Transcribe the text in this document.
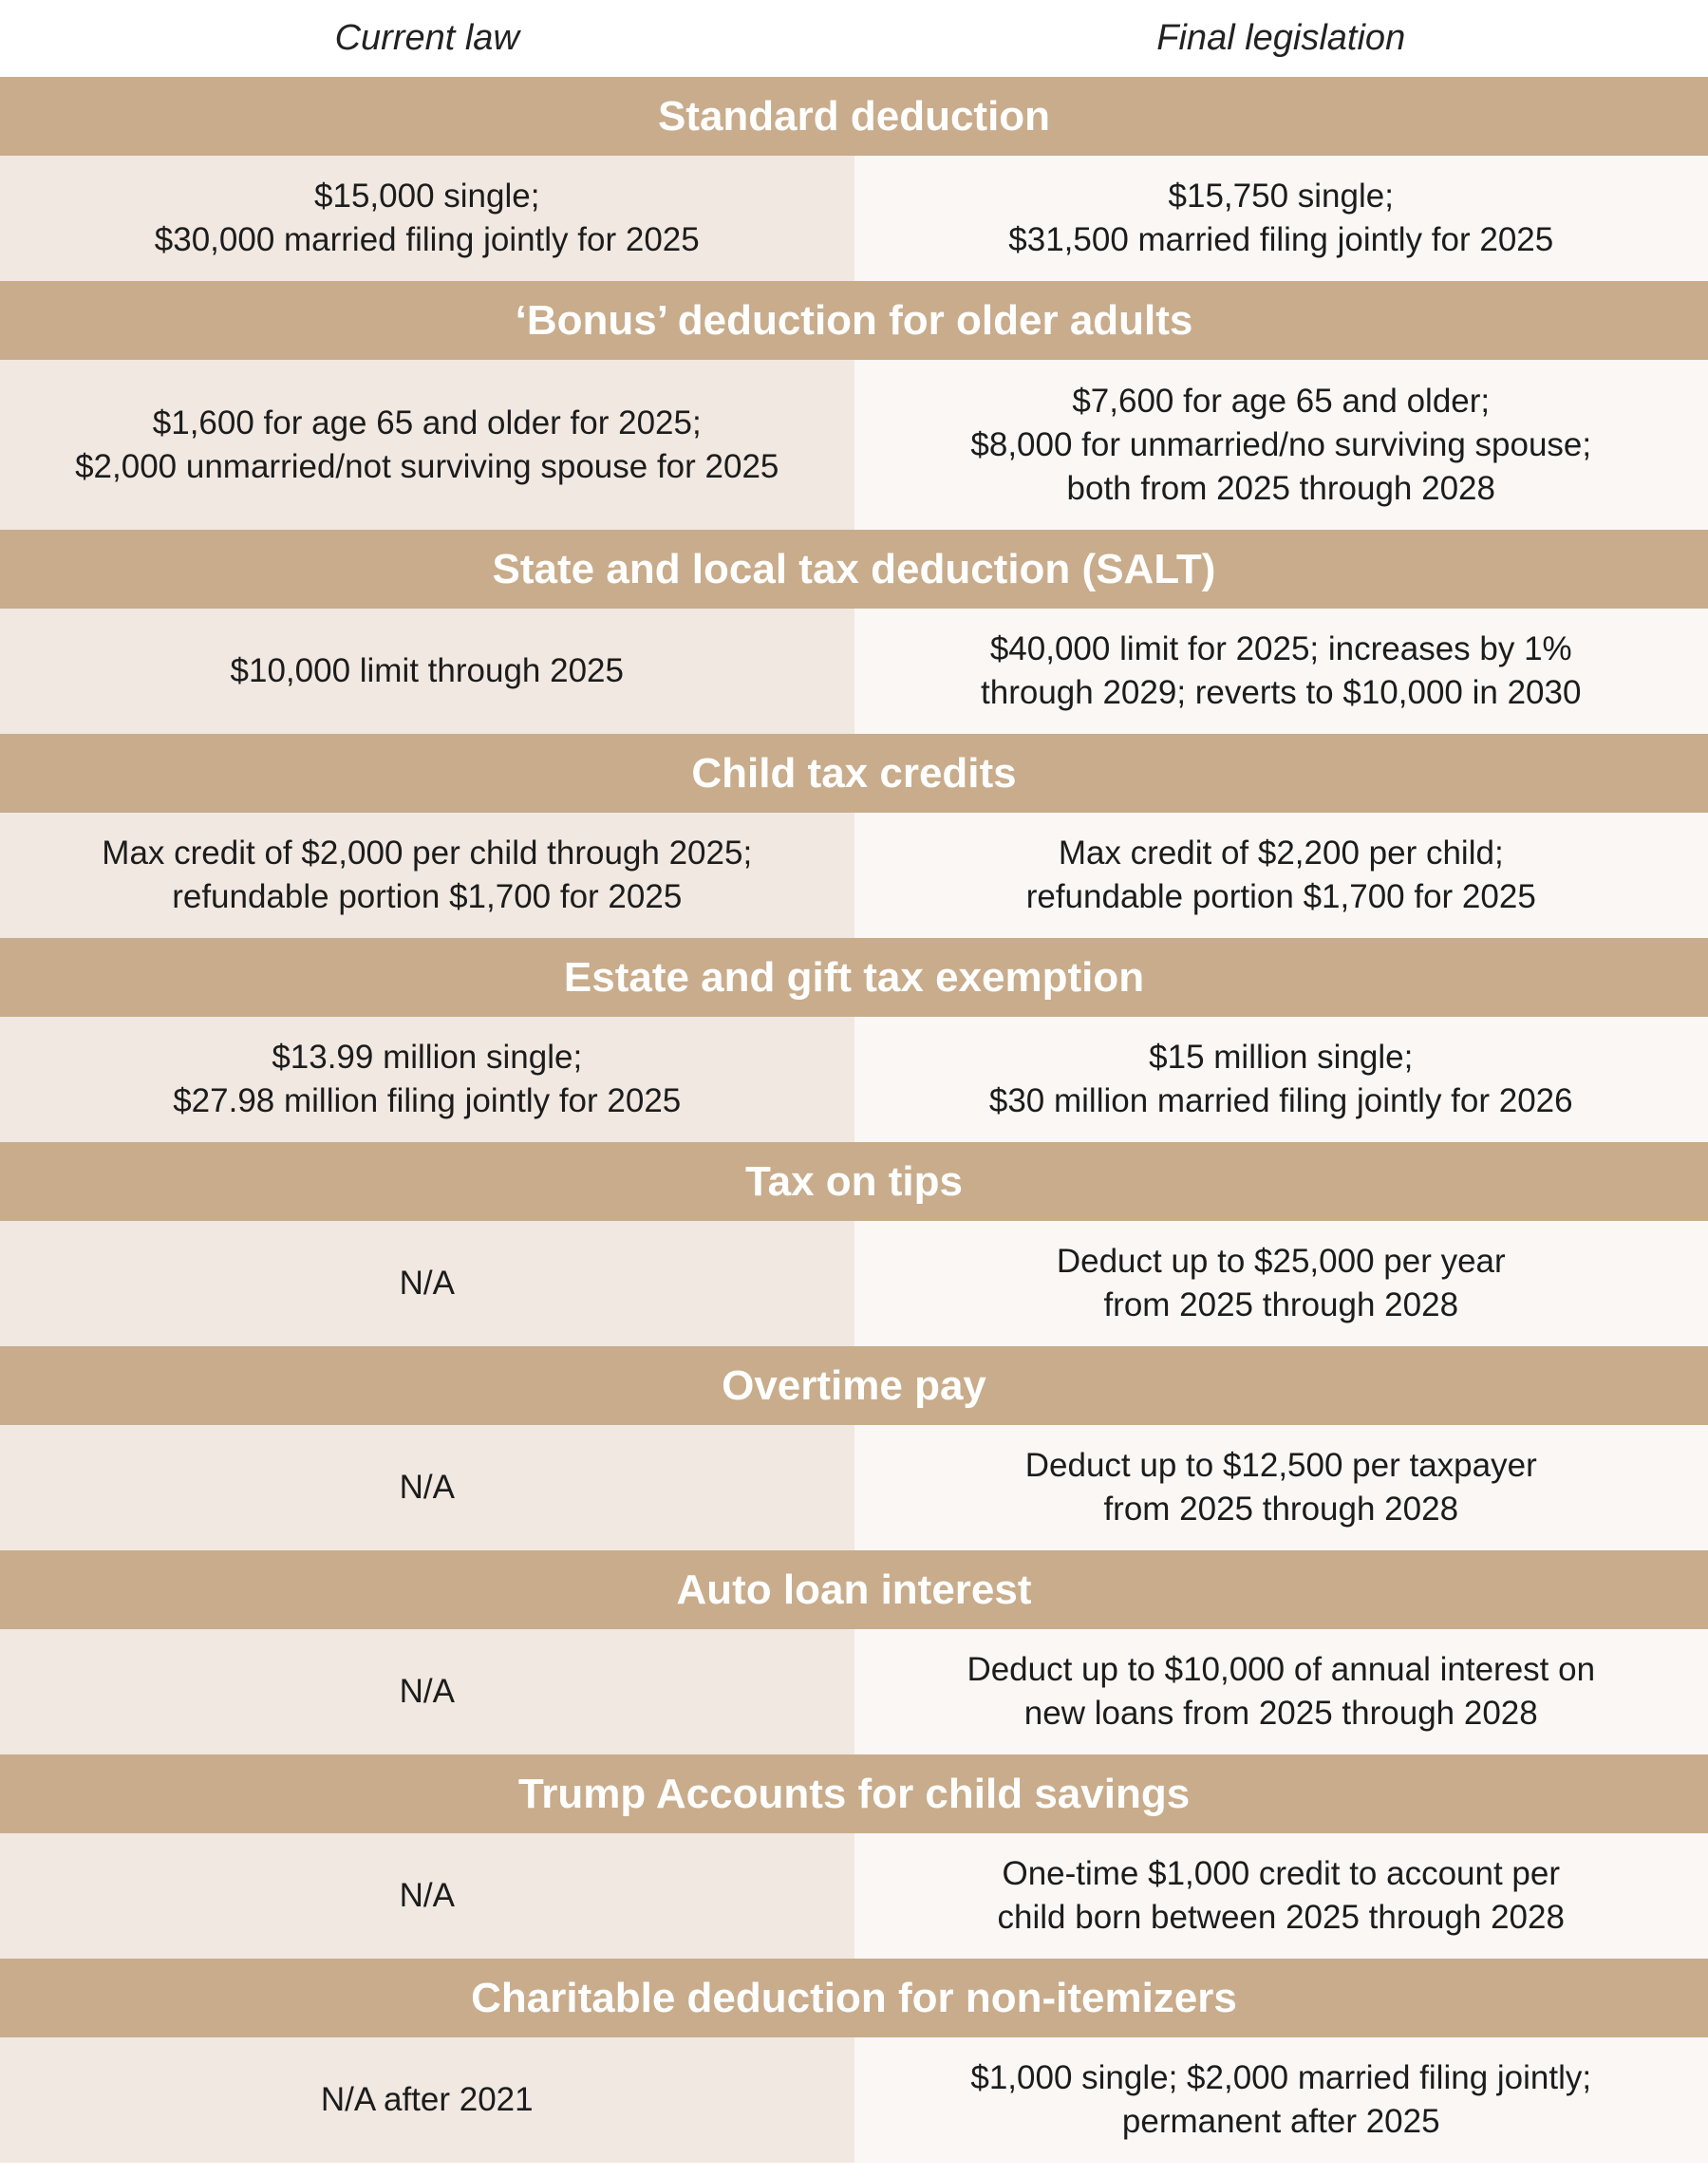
Current law	Final legislation
Standard deduction
$15,000 single;
$30,000 married filing jointly for 2025
$15,750 single;
$31,500 married filing jointly for 2025
‘Bonus’ deduction for older adults
$1,600 for age 65 and older for 2025;
$2,000 unmarried/not surviving spouse for 2025
$7,600 for age 65 and older;
$8,000 for unmarried/no surviving spouse;
both from 2025 through 2028
State and local tax deduction (SALT)
$10,000 limit through 2025
$40,000 limit for 2025; increases by 1%
through 2029; reverts to $10,000 in 2030
Child tax credits
Max credit of $2,000 per child through 2025;
refundable portion $1,700 for 2025
Max credit of $2,200 per child;
refundable portion $1,700 for 2025
Estate and gift tax exemption
$13.99 million single;
$27.98 million filing jointly for 2025
$15 million single;
$30 million married filing jointly for 2026
Tax on tips
N/A
Deduct up to $25,000 per year
from 2025 through 2028
Overtime pay
N/A
Deduct up to $12,500 per taxpayer
from 2025 through 2028
Auto loan interest
N/A
Deduct up to $10,000 of annual interest on
new loans from 2025 through 2028
Trump Accounts for child savings
N/A
One-time $1,000 credit to account per
child born between 2025 through 2028
Charitable deduction for non-itemizers
N/A after 2021
$1,000 single; $2,000 married filing jointly;
permanent after 2025
